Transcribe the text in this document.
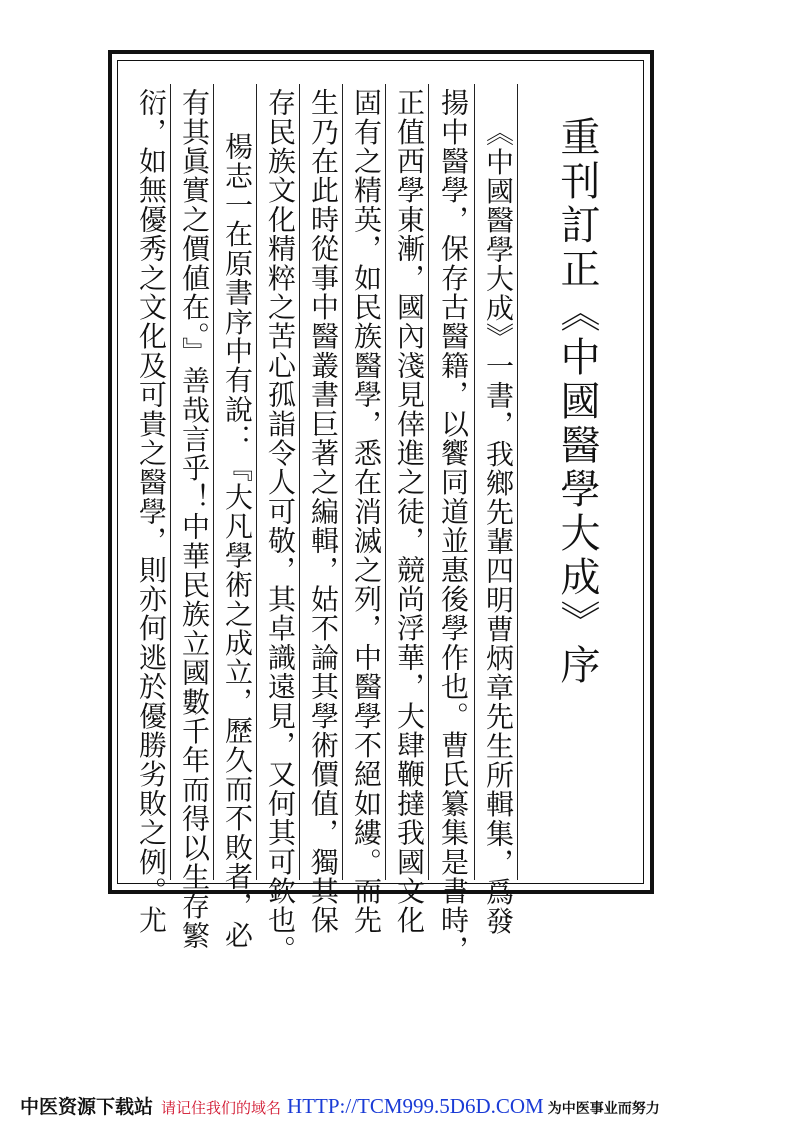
重刊訂正《中國醫學大成》序
《中國醫學大成》一書，我鄉先輩四明曹炳章先生所輯集，爲發
揚中醫學，保存古醫籍，以饗同道並惠後學作也。曹氏纂集是書時，
正值西學東漸，國內淺見倖進之徒，競尚浮華，大肆鞭撻我國文化
固有之精英，如民族醫學，悉在消滅之列，中醫學不絕如縷。而先
生乃在此時從事中醫叢書巨著之編輯，姑不論其學術價值，獨其保
存民族文化精粹之苦心孤詣令人可敬，其卓識遠見，又何其可欽也。
楊志一在原書序中有說：『大凡學術之成立，歷久而不敗者，必
有其眞實之價値在。』善哉言乎！中華民族立國數千年而得以生存繁
衍，如無優秀之文化及可貴之醫學，則亦何逃於優勝劣敗之例。尤
中医资源下载站 请记住我们的域名 HTTP://TCM999.5D6D.COM 为中医事业而努力
